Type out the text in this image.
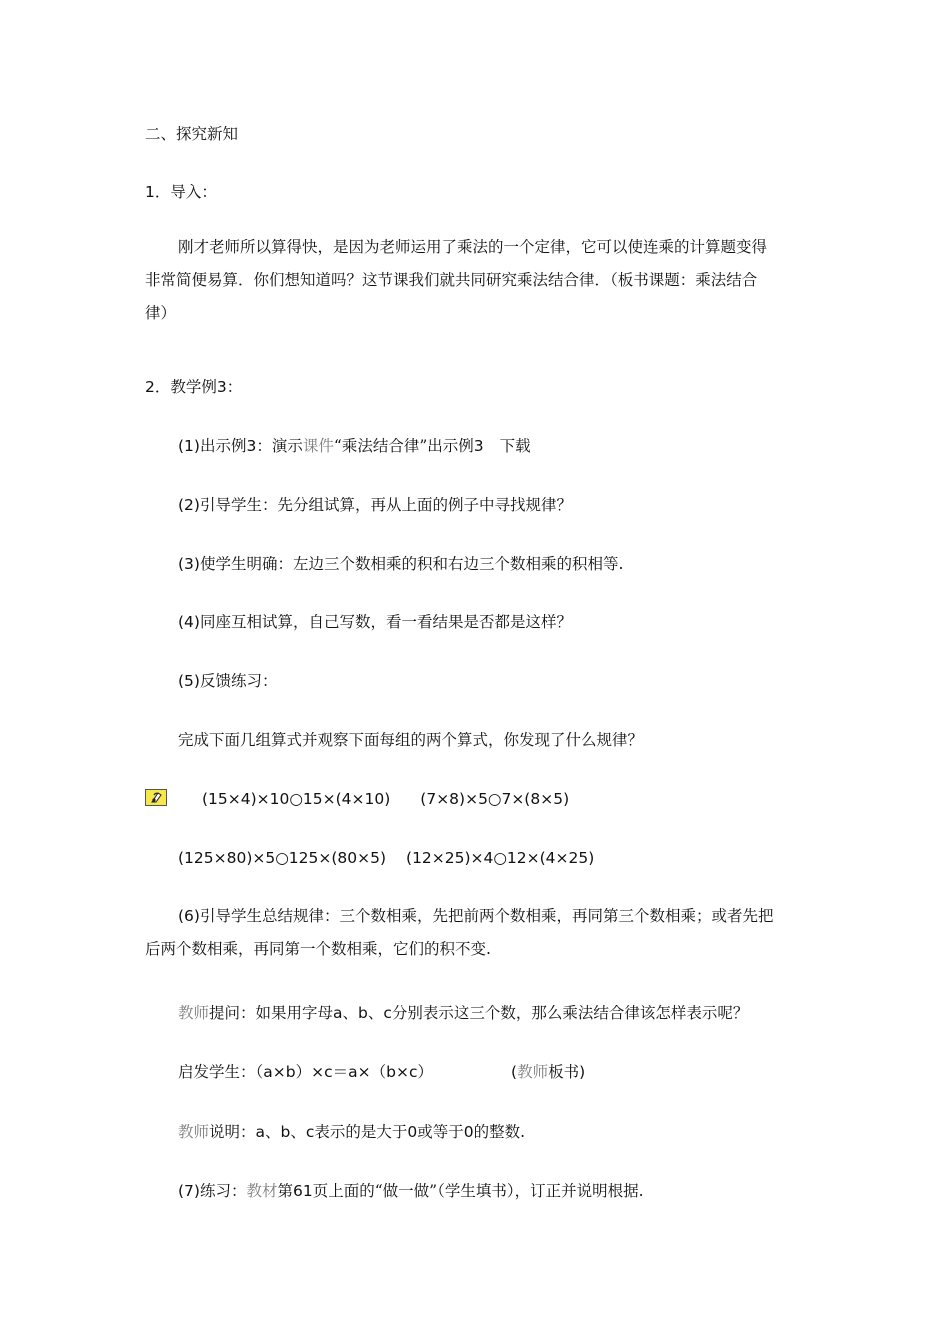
二、探究新知
1．导入：
刚才老师所以算得快，是因为老师运用了乘法的一个定律，它可以使连乘的计算题变得
非常简便易算．你们想知道吗？这节课我们就共同研究乘法结合律．（板书课题：乘法结合
律）
2．教学例3：
(1)出示例3：演示课件“乘法结合律”出示例3 下载
(2)引导学生：先分组试算，再从上面的例子中寻找规律？
(3)使学生明确：左边三个数相乘的积和右边三个数相乘的积相等.
(4)同座互相试算，自己写数，看一看结果是否都是这样？
(5)反馈练习：
完成下面几组算式并观察下面每组的两个算式，你发现了什么规律？
(15×4)×10○15×(4×10) (7×8)×5○7×(8×5)
(125×80)×5○125×(80×5) (12×25)×4○12×(4×25)
(6)引导学生总结规律：三个数相乘，先把前两个数相乘，再同第三个数相乘；或者先把
后两个数相乘，再同第一个数相乘，它们的积不变.
教师提问：如果用字母a、b、c分别表示这三个数，那么乘法结合律该怎样表示呢？
启发学生：（a×b）×c＝a×（b×c）	(教师板书)
教师说明：a、b、c表示的是大于0或等于0的整数.
(7)练习：教材第61页上面的“做一做”（学生填书），订正并说明根据.
